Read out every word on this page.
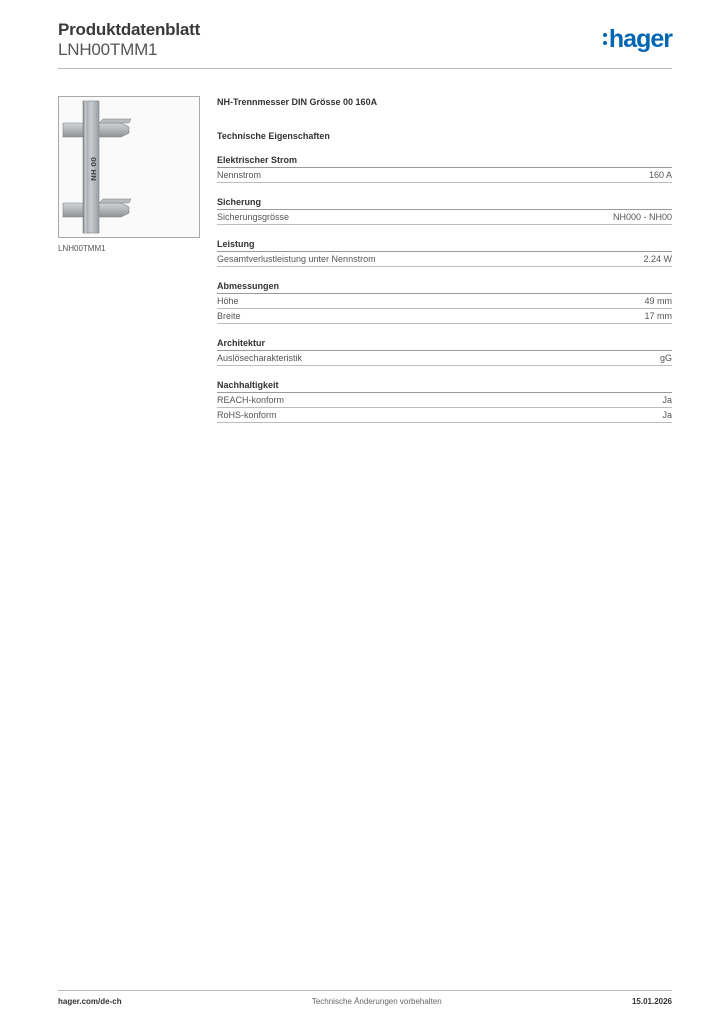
Produktdatenblatt
LNH00TMM1	hager
00 HN
LNH00TMM1
NH-Trennmesser DIN Grösse 00 160A
Technische Eigenschaften
Elektrischer Strom
Nennstrom	160 A
Sicherung
Sicherungsgrösse	NH000 - NH00
Leistung
Gesamtverlustleistung unter Nennstrom	2.24 W
Abmessungen
Höhe	49 mm
Breite	17 mm
Architektur
Auslösecharakteristik	gG
Nachhaltigkeit
REACH-konform	Ja
RoHS-konform	Ja
hager.com/de-ch	Technische Änderungen vorbehalten	15.01.2026
